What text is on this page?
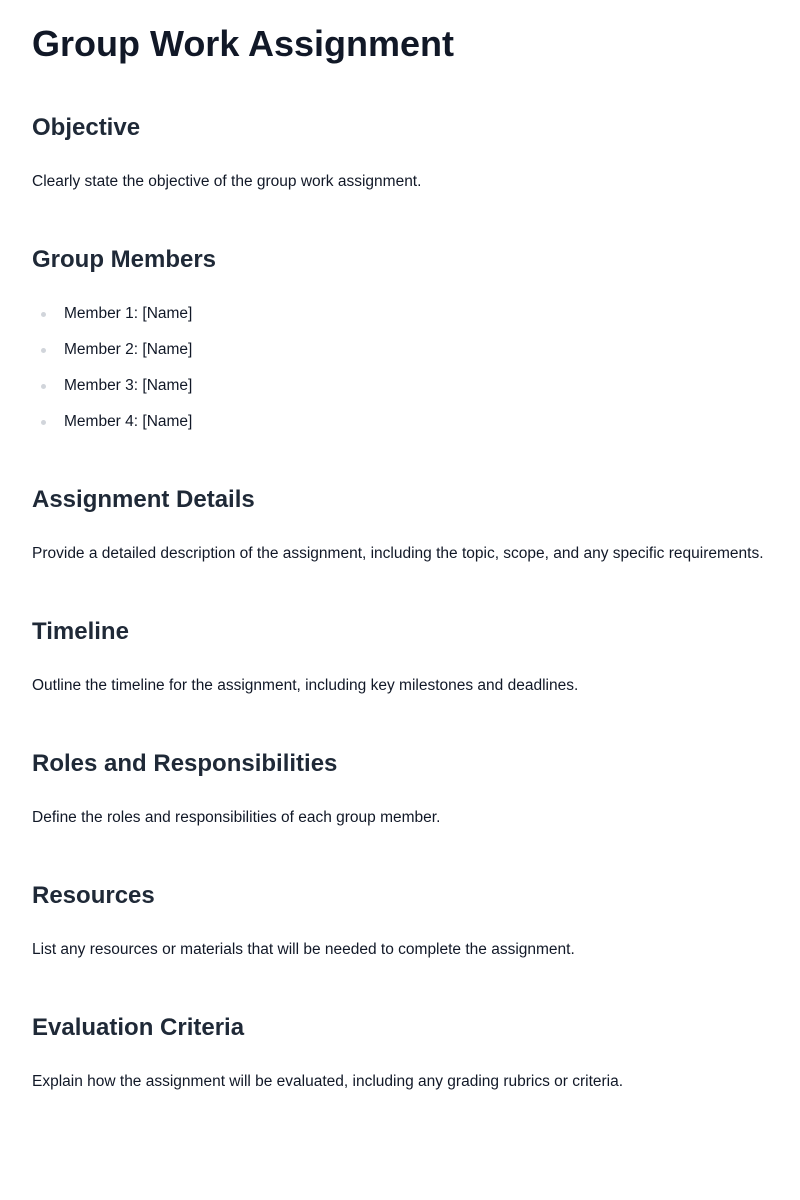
Group Work Assignment
Objective

Clearly state the objective of the group work assignment.

Group Members
Member 1: [Name]
Member 2: [Name]
Member 3: [Name]
Member 4: [Name]
Assignment Details

Provide a detailed description of the assignment, including the topic, scope, and any specific requirements.

Timeline

Outline the timeline for the assignment, including key milestones and deadlines.

Roles and Responsibilities

Define the roles and responsibilities of each group member.

Resources

List any resources or materials that will be needed to complete the assignment.

Evaluation Criteria

Explain how the assignment will be evaluated, including any grading rubrics or criteria.
